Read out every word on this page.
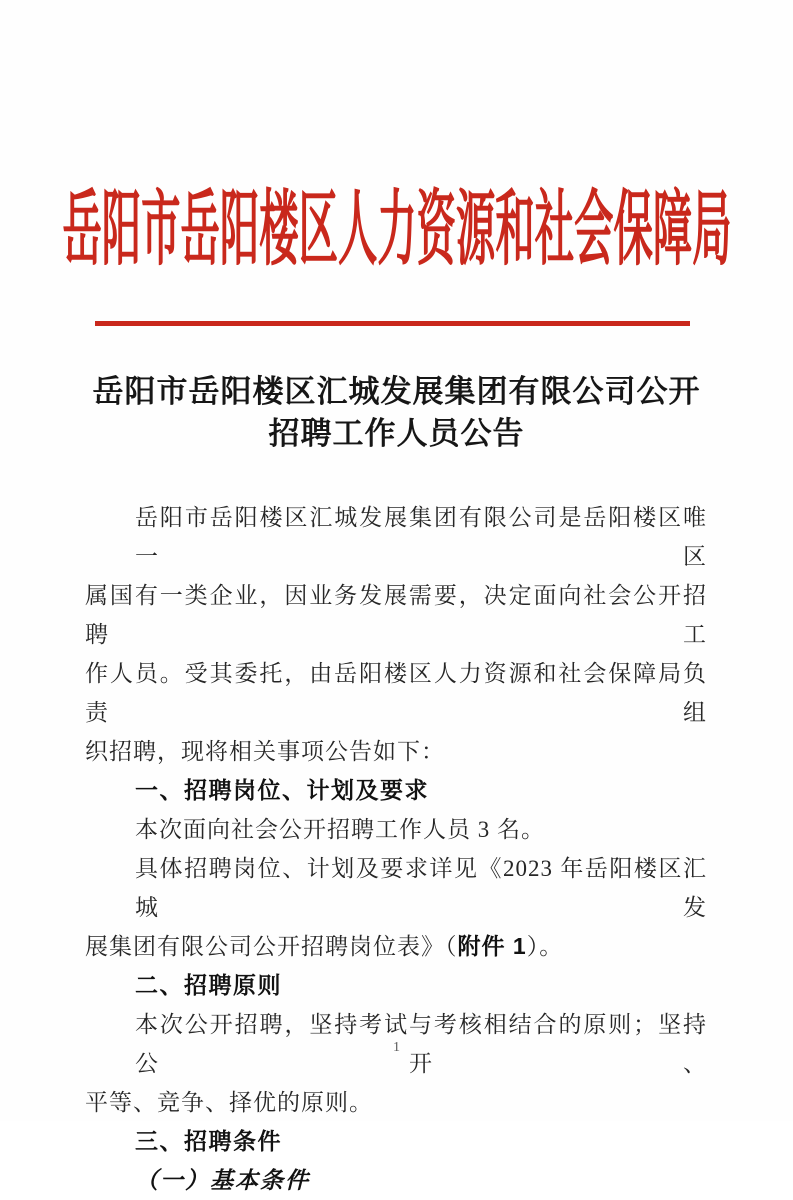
岳阳市岳阳楼区人力资源和社会保障局
岳阳市岳阳楼区汇城发展集团有限公司公开
招聘工作人员公告
岳阳市岳阳楼区汇城发展集团有限公司是岳阳楼区唯一区
属国有一类企业，因业务发展需要，决定面向社会公开招聘工
作人员。受其委托，由岳阳楼区人力资源和社会保障局负责组
织招聘，现将相关事项公告如下：
一、招聘岗位、计划及要求
本次面向社会公开招聘工作人员 3 名。
具体招聘岗位、计划及要求详见《2023 年岳阳楼区汇城发
展集团有限公司公开招聘岗位表》（附件 1）。
二、招聘原则
本次公开招聘，坚持考试与考核相结合的原则；坚持公开、
平等、竞争、择优的原则。
三、招聘条件
（一）基本条件
1
